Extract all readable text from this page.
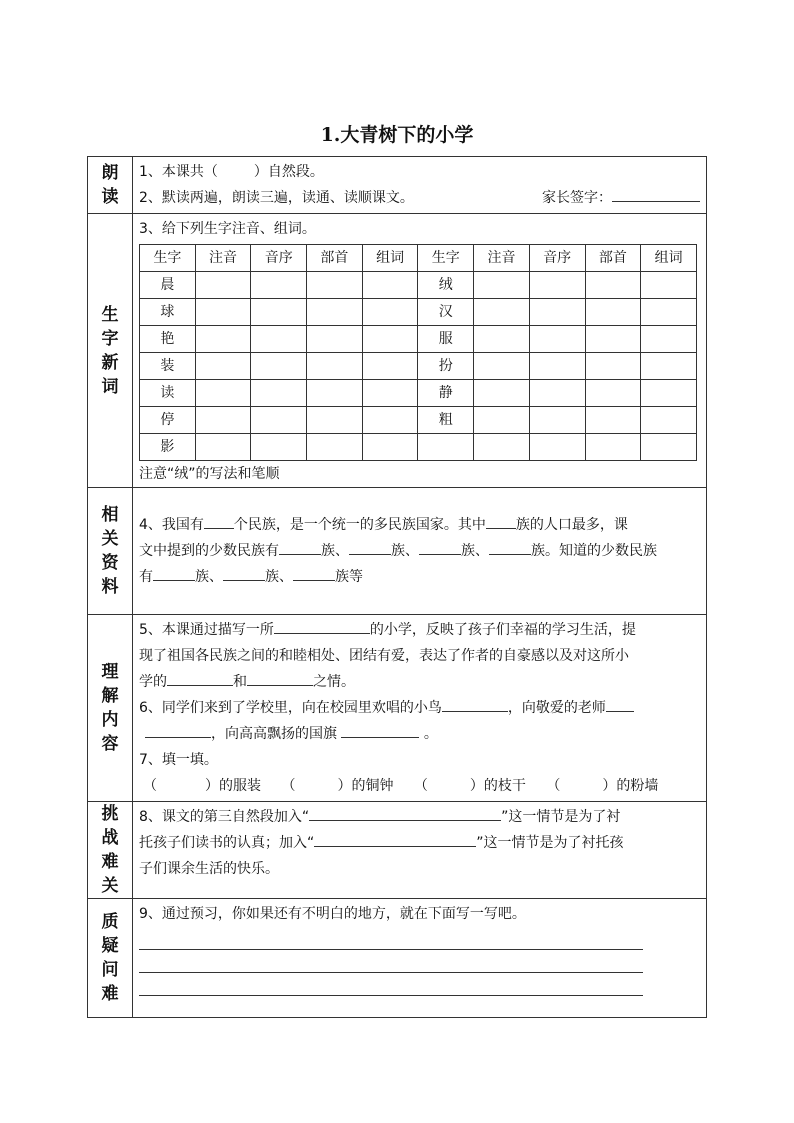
1.大青树下的小学
朗读

1、本课共（	）自然段。
2、默读两遍，朗读三遍，读通、读顺课文。	家长签字：

生字新词

3、给下列生字注音、组词。
生字	注音	音序	部首	组词	生字	注音	音序	部首	组词
晨					绒				
球					汉				
艳					服				
装					扮				
读					静				
停					粗				
影									
注意“绒”的写法和笔顺

相关资料

4、我国有 个民族，是一个统一的多民族国家。其中 族的人口最多，课
文中提到的少数民族有	族、	族、	族、	族。知道的少数民族
有	族、	族、	族等

理解内容

5、本课通过描写一所	的小学，反映了孩子们幸福的学习生活，提
现了祖国各民族之间的和睦相处、团结有爱，表达了作者的自豪感以及对这所小
学的	和	之情。
6、同学们来到了学校里，向在校园里欢唱的小鸟	，向敬爱的老师
，向高高飘扬的国旗	。
7、填一填。
（	）的服装 （	）的铜钟 （	）的枝干 （	）的粉墙

挑战难关

8、课文的第三自然段加入“	”这一情节是为了衬
托孩子们读书的认真；加入“	”这一情节是为了衬托孩
子们课余生活的快乐。

质疑问难

9、通过预习，你如果还有不明白的地方，就在下面写一写吧。
